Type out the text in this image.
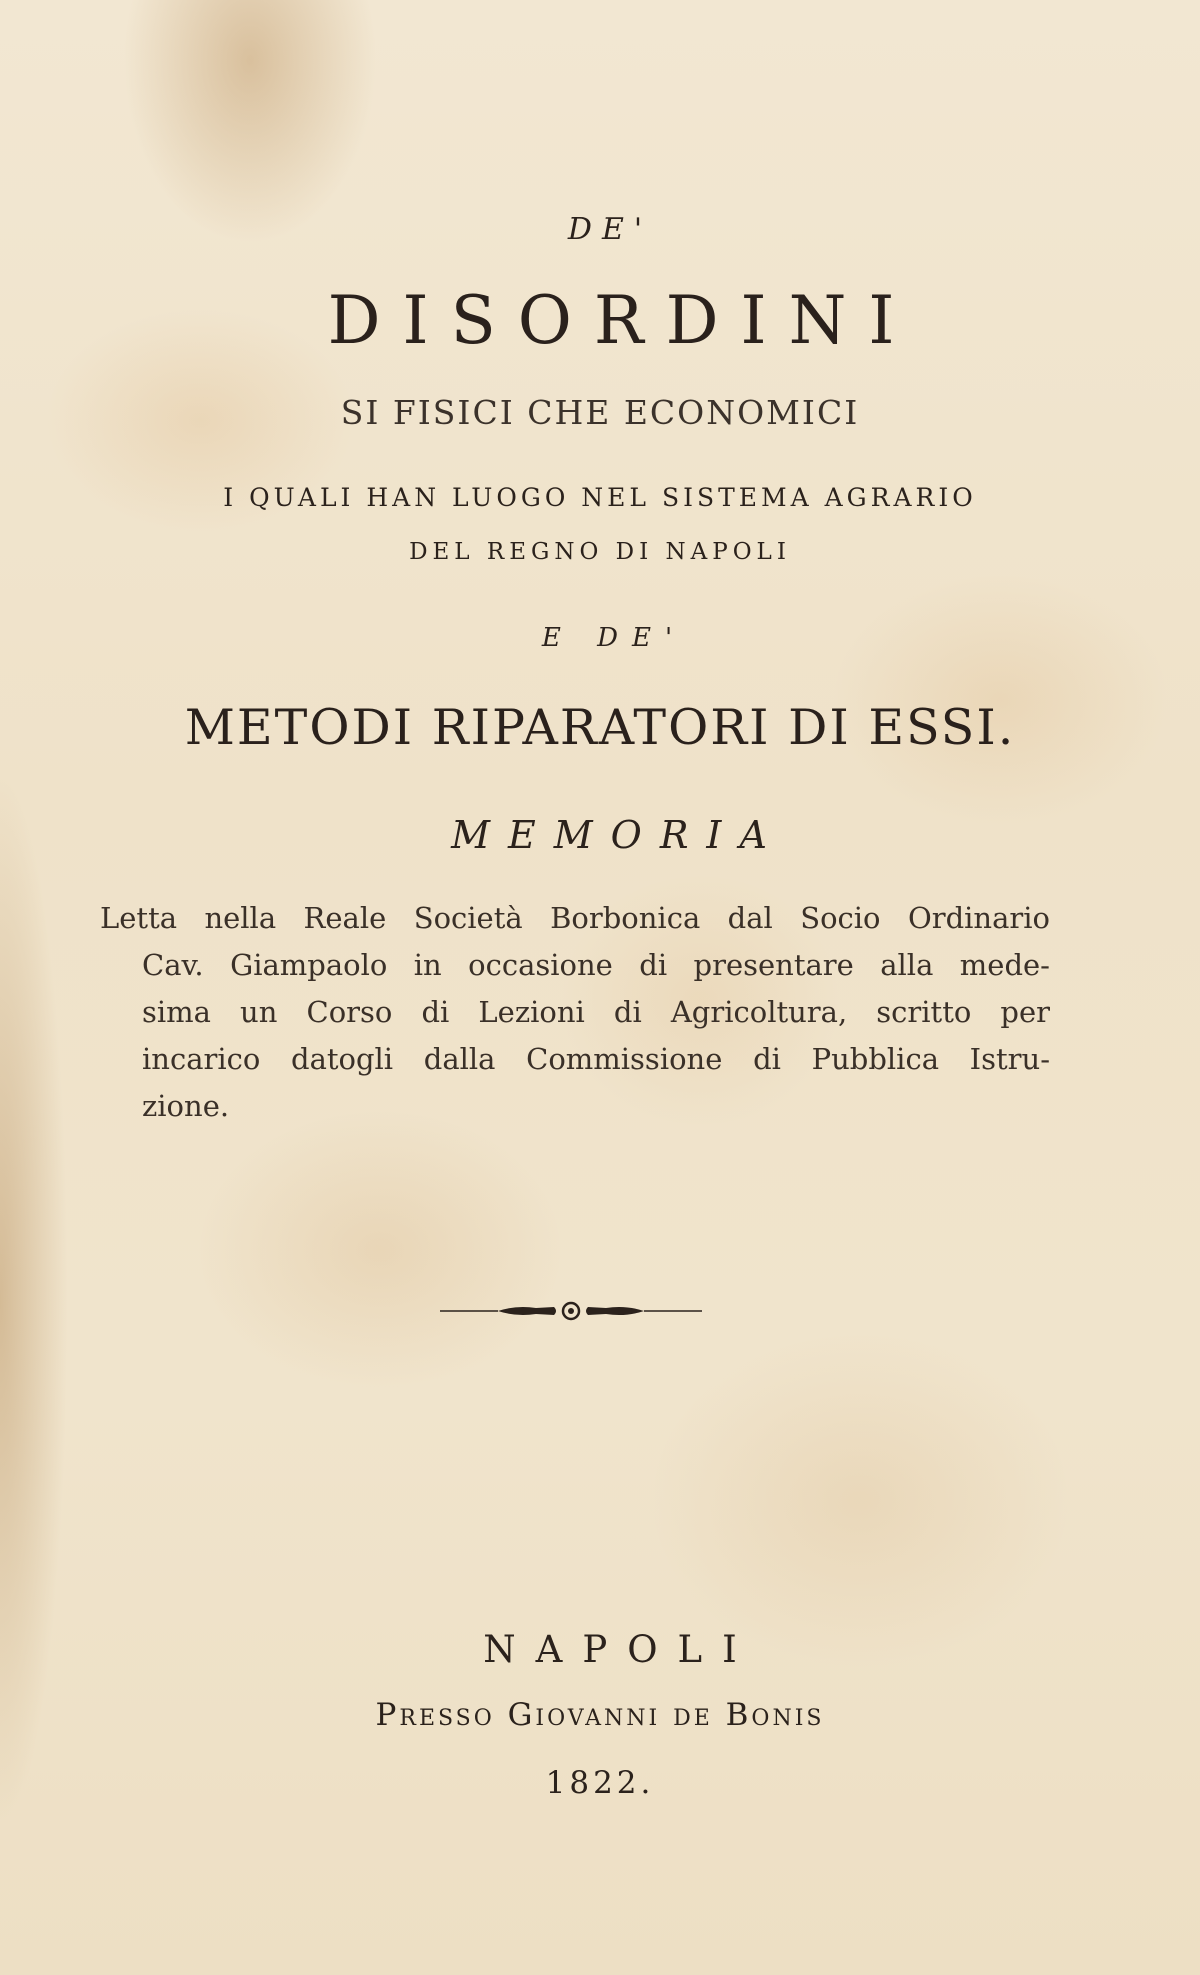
DE'
DISORDINI
SI FISICI CHE ECONOMICI
I QUALI HAN LUOGO NEL SISTEMA AGRARIO
DEL REGNO DI NAPOLI
E DE'
METODI RIPARATORI DI ESSI.
MEMORIA
Letta nella Reale Società Borbonica dal Socio Ordinario
Cav. Giampaolo in occasione di presentare alla mede-
sima un Corso di Lezioni di Agricoltura, scritto per
incarico datogli dalla Commissione di Pubblica Istru-
zione.
NAPOLI
Presso Giovanni de Bonis
1822.
